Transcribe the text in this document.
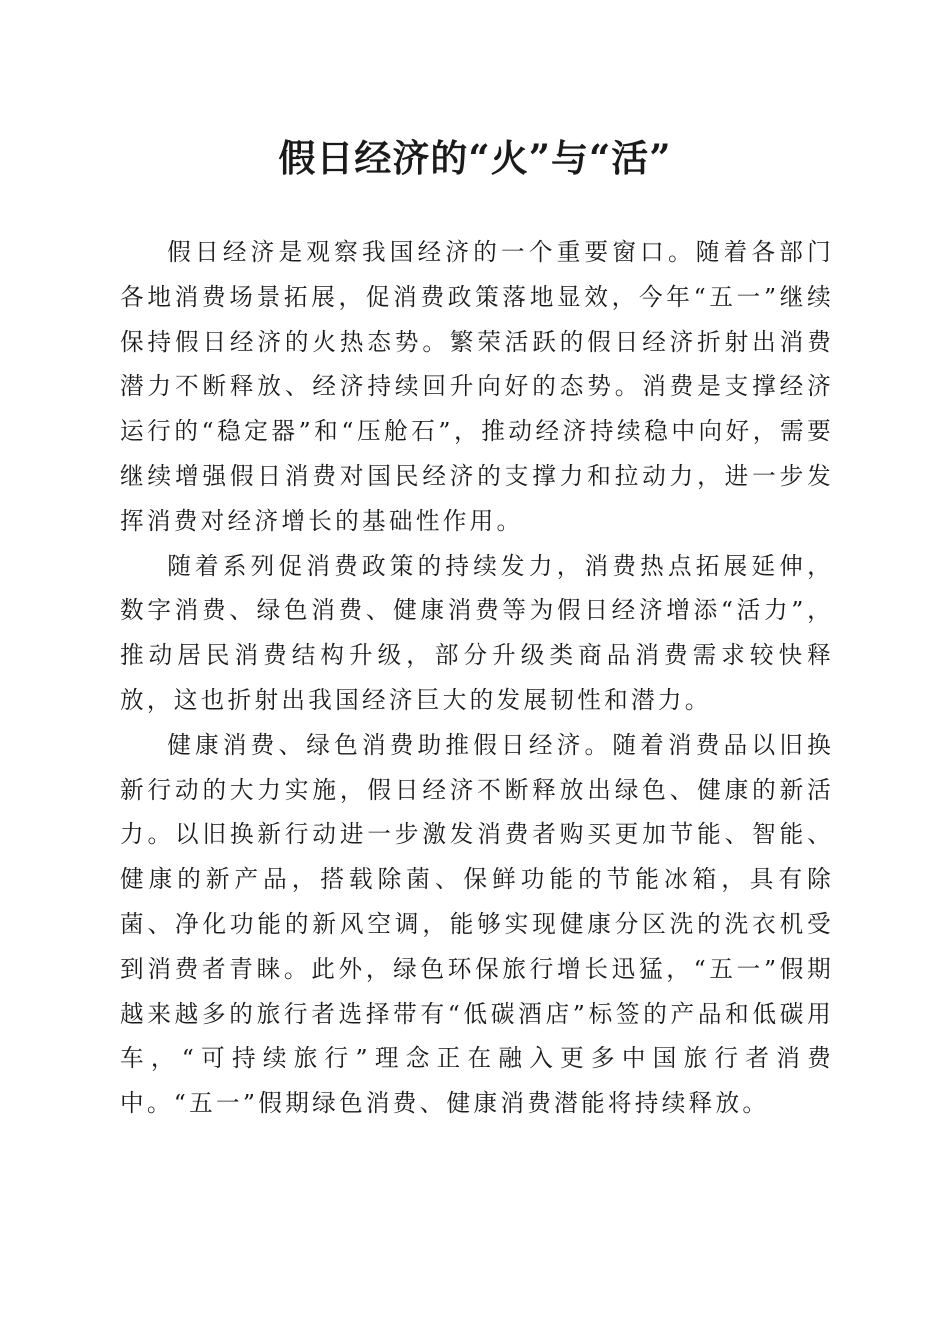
假日经济的“火”与“活”

假日经济是观察我国经济的一个重要窗口。随着各部门各地消费场景拓展，促消费政策落地显效，今年“五一”继续保持假日经济的火热态势。繁荣活跃的假日经济折射出消费潜力不断释放、经济持续回升向好的态势。消费是支撑经济运行的“稳定器”和“压舱石”，推动经济持续稳中向好，需要继续增强假日消费对国民经济的支撑力和拉动力，进一步发挥消费对经济增长的基础性作用。

随着系列促消费政策的持续发力，消费热点拓展延伸，数字消费、绿色消费、健康消费等为假日经济增添“活力”，推动居民消费结构升级，部分升级类商品消费需求较快释放，这也折射出我国经济巨大的发展韧性和潜力。

健康消费、绿色消费助推假日经济。随着消费品以旧换新行动的大力实施，假日经济不断释放出绿色、健康的新活力。以旧换新行动进一步激发消费者购买更加节能、智能、健康的新产品，搭载除菌、保鲜功能的节能冰箱，具有除菌、净化功能的新风空调，能够实现健康分区洗的洗衣机受到消费者青睐。此外，绿色环保旅行增长迅猛，“五一”假期越来越多的旅行者选择带有“低碳酒店”标签的产品和低碳用车，“可持续旅行”理念正在融入更多中国旅行者消费中。“五一”假期绿色消费、健康消费潜能将持续释放。
